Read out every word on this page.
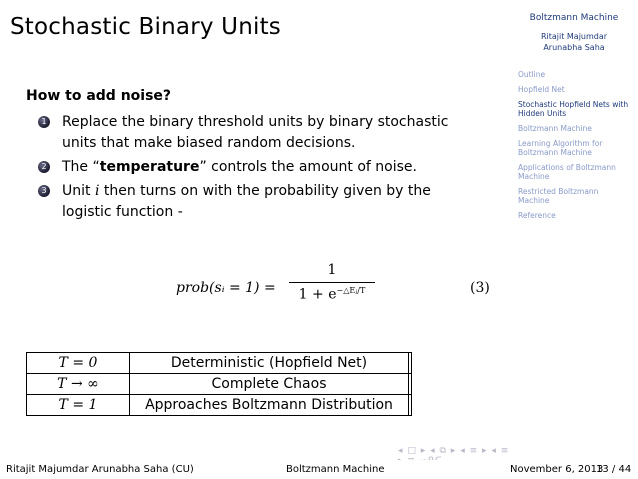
Stochastic Binary Units
How to add noise?
1 Replace the binary threshold units by binary stochastic units that make biased random decisions.
2 The “temperature” controls the amount of noise.
3 Unit i then turns on with the probability given by the logistic function -
prob(sᵢ = 1) =
1
$1 + e^{-\triangle Eⱼ/T}$	(3)
T = 0	Deterministic (Hopfield Net)	
T → ∞	Complete Chaos	
T = 1	Approaches Boltzmann Distribution	
◂ □ ▸ ◂ ⧉ ▸ ◂ ≡ ▸ ◂ ≡
Boltzmann Machine
Ritajit Majumdar Arunabha Saha
Outline
Hopfield Net
Stochastic Hopfield Nets with Hidden Units
Boltzmann Machine
Learning Algorithm for Boltzmann Machine
Applications of Boltzmann Machine
Restricted Boltzmann Machine
Reference
Ritajit Majumdar Arunabha Saha (CU)	Boltzmann Machine	November 6, 2013
13 / 44
